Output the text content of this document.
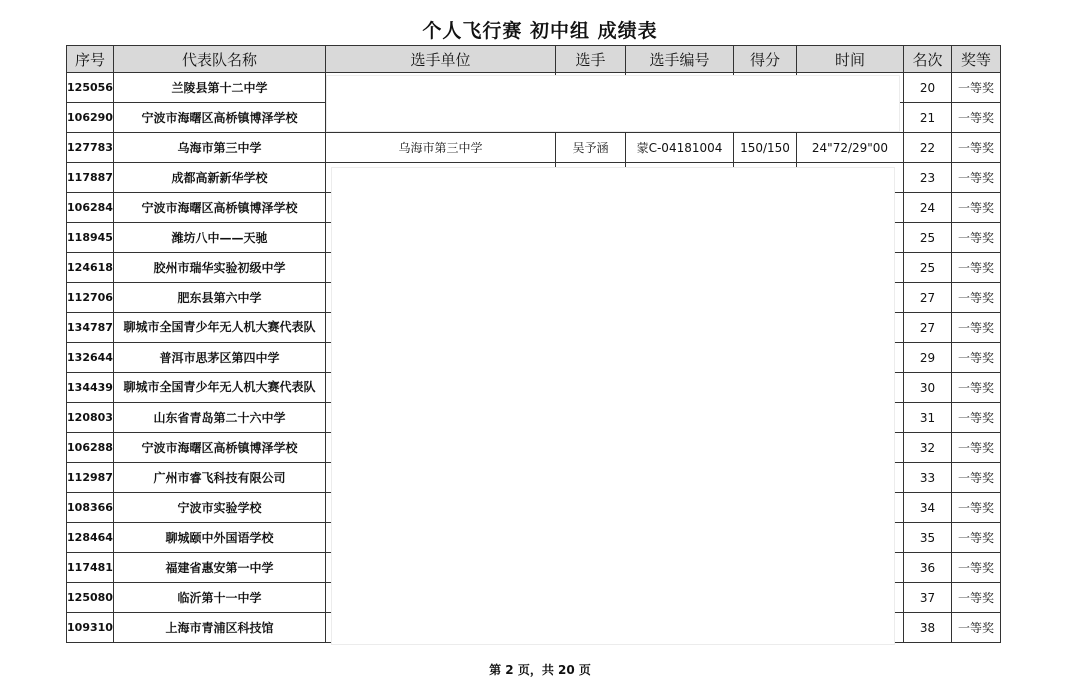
个人飞行赛 初中组 成绩表
序号	代表队名称	选手单位	选手	选手编号	得分	时间	名次	奖等
125056	兰陵县第十二中学						20	一等奖
106290	宁波市海曙区高桥镇博泽学校						21	一等奖
127783	乌海市第三中学	乌海市第三中学	吴予涵	蒙C-04181004	150/150	24"72/29"00	22	一等奖
117887	成都高新新华学校						23	一等奖
106284	宁波市海曙区高桥镇博泽学校						24	一等奖
118945	潍坊八中——天驰						25	一等奖
124618	胶州市瑞华实验初级中学						25	一等奖
112706	肥东县第六中学						27	一等奖
134787	聊城市全国青少年无人机大赛代表队						27	一等奖
132644	普洱市思茅区第四中学						29	一等奖
134439	聊城市全国青少年无人机大赛代表队						30	一等奖
120803	山东省青岛第二十六中学						31	一等奖
106288	宁波市海曙区高桥镇博泽学校						32	一等奖
112987	广州市睿飞科技有限公司						33	一等奖
108366	宁波市实验学校						34	一等奖
128464	聊城颐中外国语学校						35	一等奖
117481	福建省惠安第一中学						36	一等奖
125080	临沂第十一中学						37	一等奖
109310	上海市青浦区科技馆						38	一等奖
第 2 页，共 20 页
